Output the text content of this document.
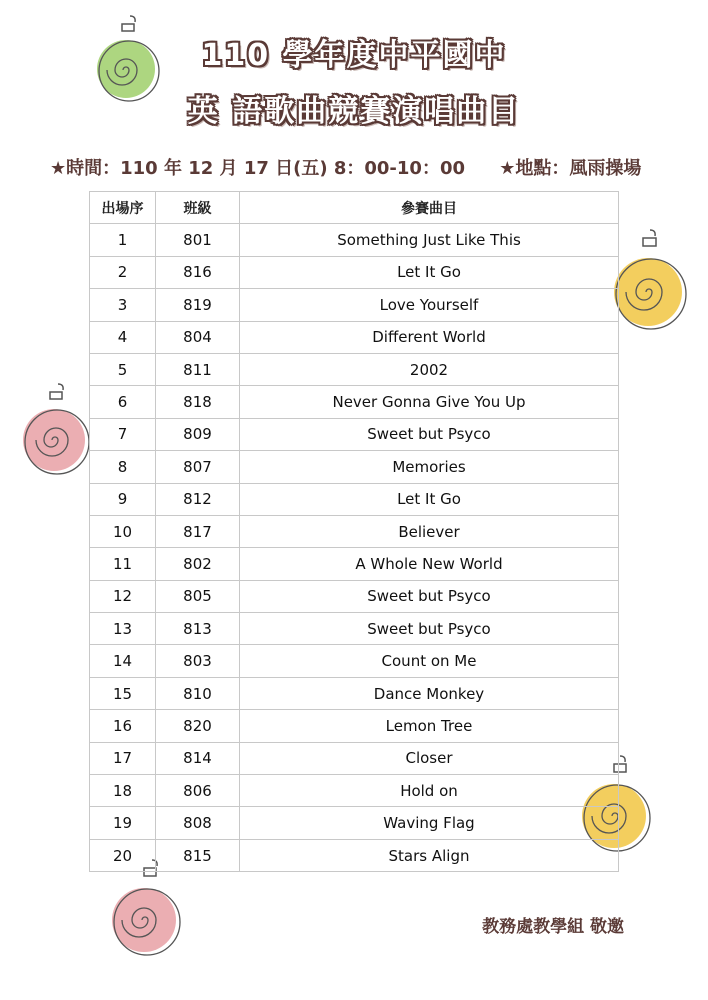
110 學年度中平國中
英 語歌曲競賽演唱曲目
★時間：110 年 12 月 17 日(五) 8：00-10：00 ★地點：風雨操場
出場序	班級	參賽曲目
1	801	Something Just Like This
2	816	Let It Go
3	819	Love Yourself
4	804	Different World
5	811	2002
6	818	Never Gonna Give You Up
7	809	Sweet but Psyco
8	807	Memories
9	812	Let It Go
10	817	Believer
11	802	A Whole New World
12	805	Sweet but Psyco
13	813	Sweet but Psyco
14	803	Count on Me
15	810	Dance Monkey
16	820	Lemon Tree
17	814	Closer
18	806	Hold on
19	808	Waving Flag
20	815	Stars Align
教務處教學組 敬邀
